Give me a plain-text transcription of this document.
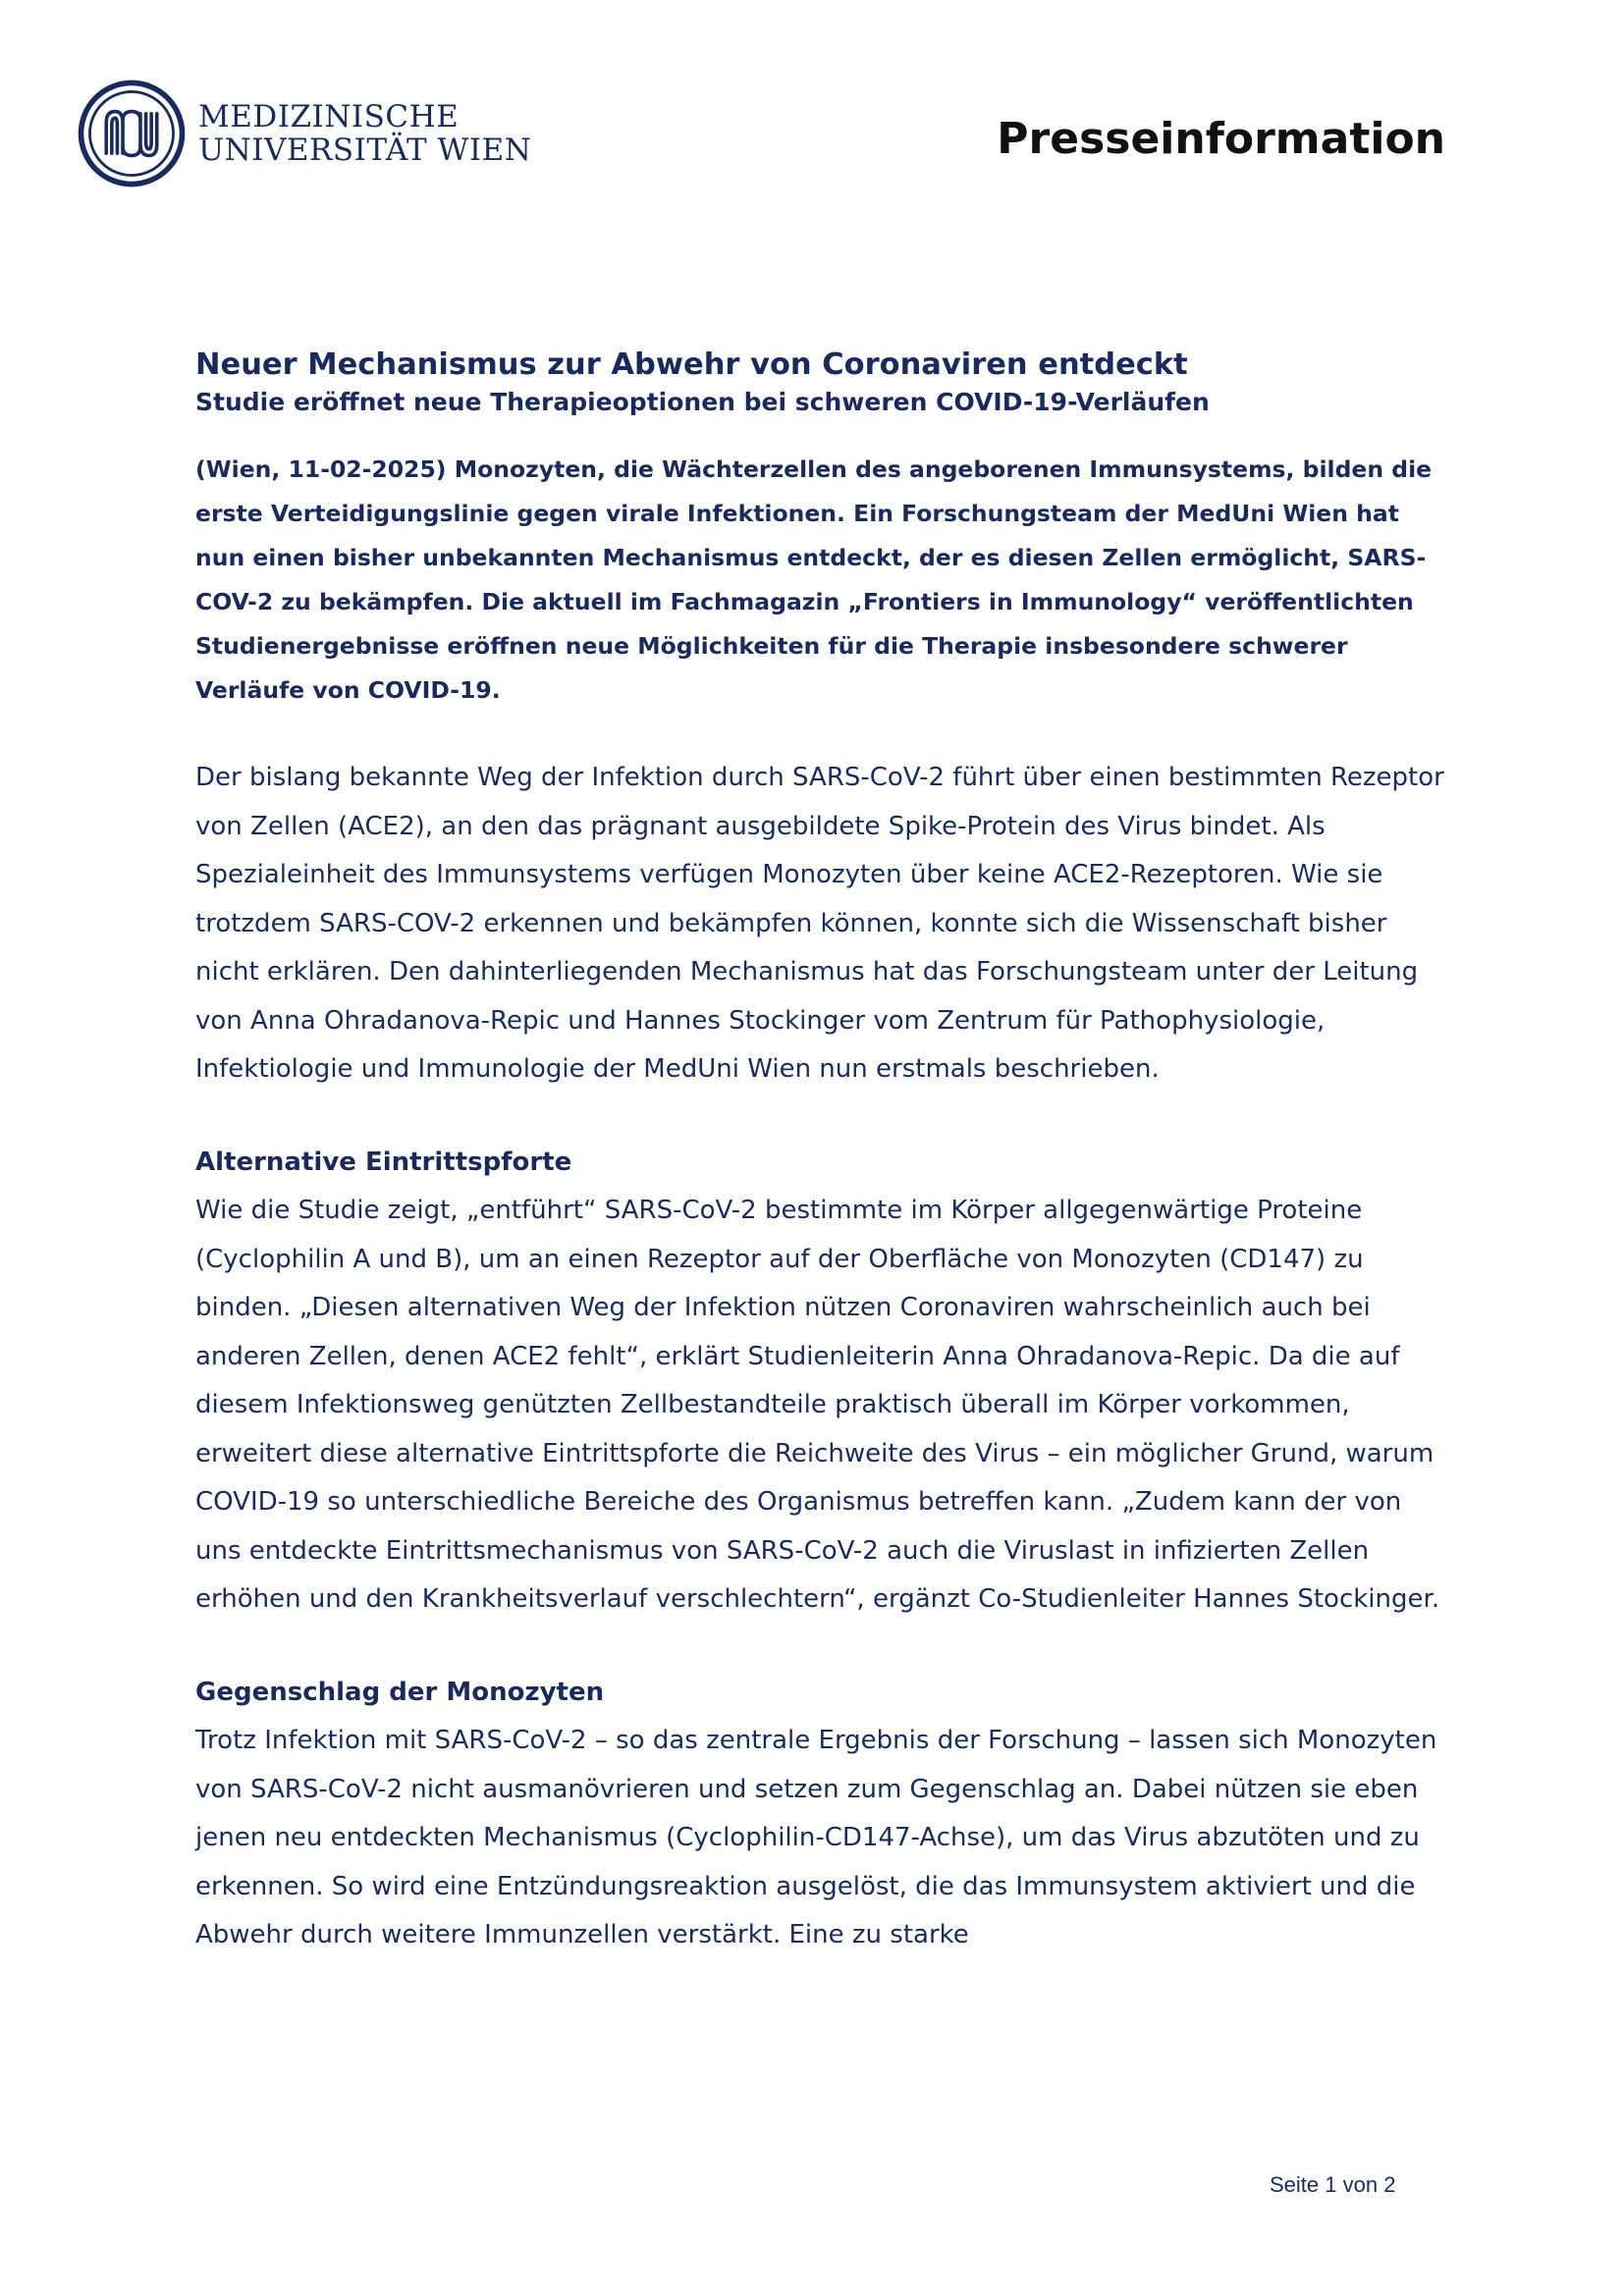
MEDIZINISCHE
UNIVERSITÄT WIEN	Presseinformation
Neuer Mechanismus zur Abwehr von Coronaviren entdeckt
Studie eröffnet neue Therapieoptionen bei schweren COVID-19-Verläufen

(Wien, 11-02-2025) Monozyten, die Wächterzellen des angeborenen Immunsystems, bilden die erste Verteidigungslinie gegen virale Infektionen. Ein Forschungsteam der MedUni Wien hat nun einen bisher unbekannten Mechanismus entdeckt, der es diesen Zellen ermöglicht, SARS-COV-2 zu bekämpfen. Die aktuell im Fachmagazin „Frontiers in Immunology“ veröffentlichten Studienergebnisse eröffnen neue Möglichkeiten für die Therapie insbesondere schwerer Verläufe von COVID-19.

Der bislang bekannte Weg der Infektion durch SARS-CoV-2 führt über einen bestimmten Rezeptor von Zellen (ACE2), an den das prägnant ausgebildete Spike-Protein des Virus bindet. Als Spezialeinheit des Immunsystems verfügen Monozyten über keine ACE2-Rezeptoren. Wie sie trotzdem SARS-COV-2 erkennen und bekämpfen können, konnte sich die Wissenschaft bisher nicht erklären. Den dahinterliegenden Mechanismus hat das Forschungsteam unter der Leitung von Anna Ohradanova-Repic und Hannes Stockinger vom Zentrum für Pathophysiologie, Infektiologie und Immunologie der MedUni Wien nun erstmals beschrieben.

Alternative Eintrittspforte

Wie die Studie zeigt, „entführt“ SARS-CoV-2 bestimmte im Körper allgegenwärtige Proteine (Cyclophilin A und B), um an einen Rezeptor auf der Oberfläche von Monozyten (CD147) zu binden. „Diesen alternativen Weg der Infektion nützen Coronaviren wahrscheinlich auch bei anderen Zellen, denen ACE2 fehlt“, erklärt Studienleiterin Anna Ohradanova-Repic. Da die auf diesem Infektionsweg genützten Zellbestandteile praktisch überall im Körper vorkommen, erweitert diese alternative Eintrittspforte die Reichweite des Virus – ein möglicher Grund, warum COVID-19 so unterschiedliche Bereiche des Organismus betreffen kann. „Zudem kann der von uns entdeckte Eintrittsmechanismus von SARS-CoV-2 auch die Viruslast in infizierten Zellen erhöhen und den Krankheitsverlauf verschlechtern“, ergänzt Co-Studienleiter Hannes Stockinger.

Gegenschlag der Monozyten

Trotz Infektion mit SARS-CoV-2 – so das zentrale Ergebnis der Forschung – lassen sich Monozyten von SARS-CoV-2 nicht ausmanövrieren und setzen zum Gegenschlag an. Dabei nützen sie eben jenen neu entdeckten Mechanismus (Cyclophilin-CD147-Achse), um das Virus abzutöten und zu erkennen. So wird eine Entzündungsreaktion ausgelöst, die das Immunsystem aktiviert und die Abwehr durch weitere Immunzellen verstärkt. Eine zu starke

Seite 1 von 2
